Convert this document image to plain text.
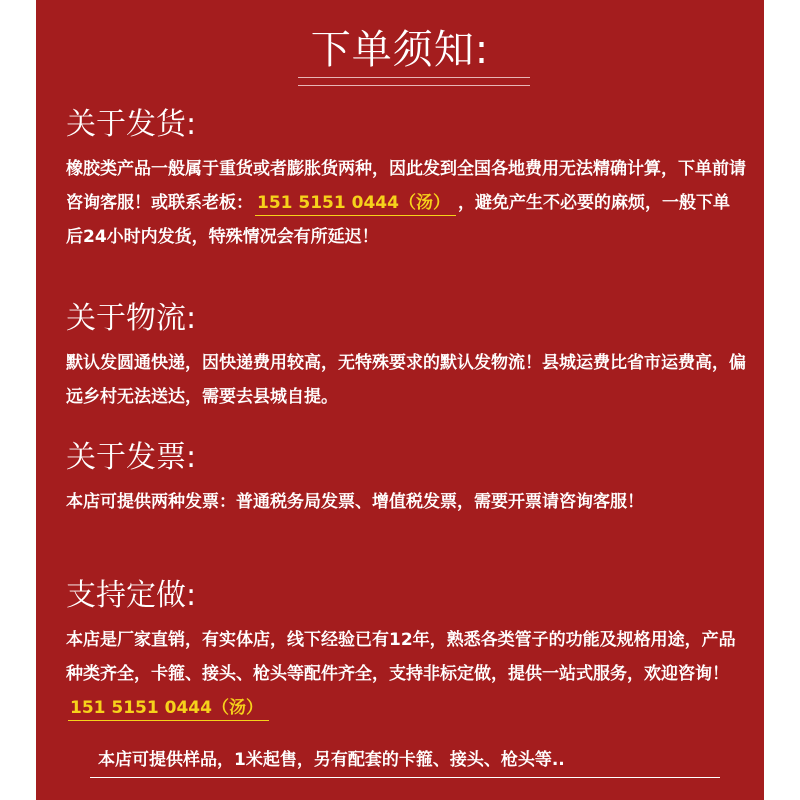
下单须知:
关于发货:

橡胶类产品一般属于重货或者膨胀货两种，因此发到全国各地费用无法精确计算，下单前请咨询客服！或联系老板： 151 5151 0444（汤） ，避免产生不必要的麻烦，一般下单后24小时内发货，特殊情况会有所延迟！

关于物流:

默认发圆通快递，因快递费用较高，无特殊要求的默认发物流！县城运费比省市运费高，偏远乡村无法送达，需要去县城自提。

关于发票:

本店可提供两种发票：普通税务局发票、增值税发票，需要开票请咨询客服！

支持定做:

本店是厂家直销，有实体店，线下经验已有12年，熟悉各类管子的功能及规格用途，产品种类齐全，卡箍、接头、枪头等配件齐全，支持非标定做，提供一站式服务，欢迎咨询！151 5151 0444（汤）

本店可提供样品，1米起售，另有配套的卡箍、接头、枪头等..
